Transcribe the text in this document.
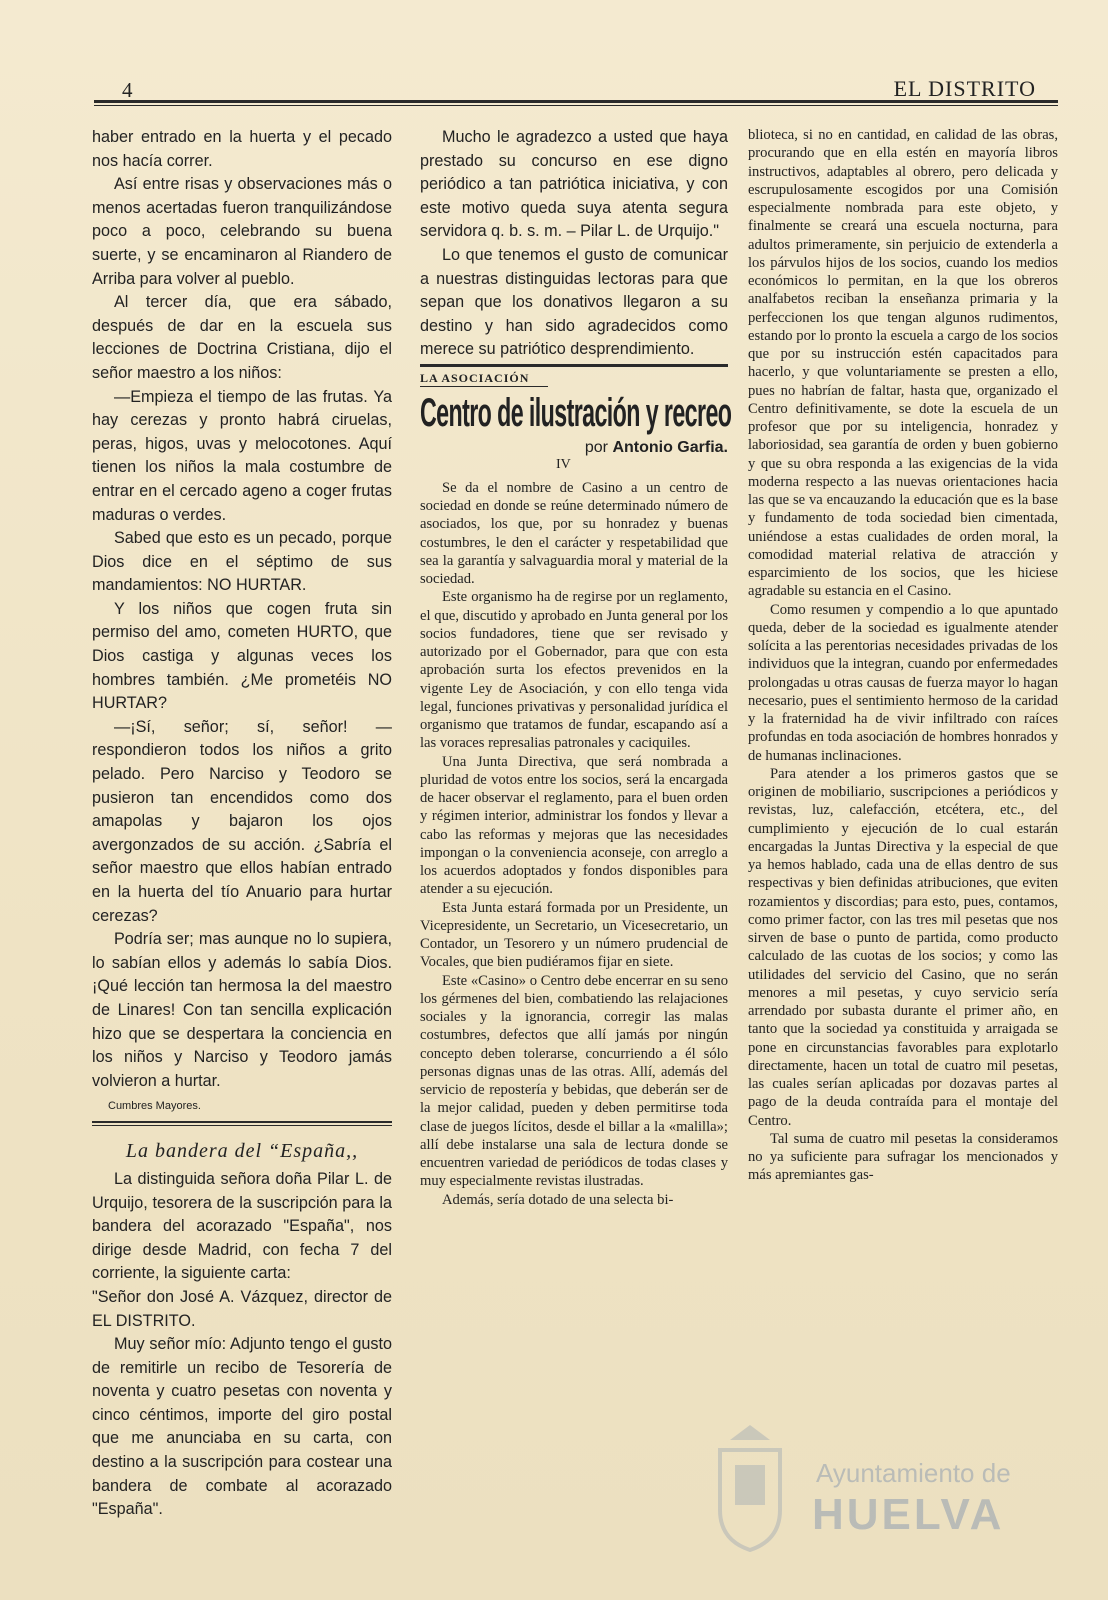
4	EL DISTRITO

haber entrado en la huerta y el pecado nos hacía correr.

Así entre risas y observaciones más o menos acertadas fueron tranquilizándose poco a poco, celebrando su buena suerte, y se encaminaron al Riandero de Arriba para volver al pueblo.

Al tercer día, que era sábado, después de dar en la escuela sus lecciones de Doctrina Cristiana, dijo el señor maestro a los niños:

—Empieza el tiempo de las frutas. Ya hay cerezas y pronto habrá ciruelas, peras, higos, uvas y melocotones. Aquí tienen los niños la mala costumbre de entrar en el cercado ageno a coger frutas maduras o verdes.

Sabed que esto es un pecado, porque Dios dice en el séptimo de sus mandamientos: NO HURTAR.

Y los niños que cogen fruta sin permiso del amo, cometen HURTO, que Dios castiga y algunas veces los hombres también. ¿Me prometéis NO HURTAR?

—¡Sí, señor; sí, señor! — respondieron todos los niños a grito pelado. Pero Narciso y Teodoro se pusieron tan encendidos como dos amapolas y bajaron los ojos avergonzados de su acción. ¿Sabría el señor maestro que ellos habían entrado en la huerta del tío Anuario para hurtar cerezas?

Podría ser; mas aunque no lo supiera, lo sabían ellos y además lo sabía Dios. ¡Qué lección tan hermosa la del maestro de Linares! Con tan sencilla explicación hizo que se despertara la conciencia en los niños y Narciso y Teodoro jamás volvieron a hurtar.

Cumbres Mayores.
La bandera del “España,,

La distinguida señora doña Pilar L. de Urquijo, tesorera de la suscripción para la bandera del acorazado "España", nos dirige desde Madrid, con fecha 7 del corriente, la siguiente carta:

"Señor don José A. Vázquez, director de EL DISTRITO.

Muy señor mío: Adjunto tengo el gusto de remitirle un recibo de Tesorería de noventa y cuatro pesetas con noventa y cinco céntimos, importe del giro postal que me anunciaba en su carta, con destino a la suscripción para costear una bandera de combate al acorazado "España".

Mucho le agradezco a usted que haya prestado su concurso en ese digno periódico a tan patriótica iniciativa, y con este motivo queda suya atenta segura servidora q. b. s. m. – Pilar L. de Urquijo."

Lo que tenemos el gusto de comunicar a nuestras distinguidas lectoras para que sepan que los donativos llegaron a su destino y han sido agradecidos como merece su patriótico desprendimiento.

LA ASOCIACIÓN
Centro de ilustración y recreo
por Antonio Garfia.
IV

Se da el nombre de Casino a un centro de sociedad en donde se reúne determinado número de asociados, los que, por su honradez y buenas costumbres, le den el carácter y respetabilidad que sea la garantía y salvaguardia moral y material de la sociedad.

Este organismo ha de regirse por un reglamento, el que, discutido y aprobado en Junta general por los socios fundadores, tiene que ser revisado y autorizado por el Gobernador, para que con esta aprobación surta los efectos prevenidos en la vigente Ley de Asociación, y con ello tenga vida legal, funciones privativas y personalidad jurídica el organismo que tratamos de fundar, escapando así a las voraces represalias patronales y caciquiles.

Una Junta Directiva, que será nombrada a pluridad de votos entre los socios, será la encargada de hacer observar el reglamento, para el buen orden y régimen interior, administrar los fondos y llevar a cabo las reformas y mejoras que las necesidades impongan o la conveniencia aconseje, con arreglo a los acuerdos adoptados y fondos disponibles para atender a su ejecución.

Esta Junta estará formada por un Presidente, un Vicepresidente, un Secretario, un Vicesecretario, un Contador, un Tesorero y un número prudencial de Vocales, que bien pudiéramos fijar en siete.

Este «Casino» o Centro debe encerrar en su seno los gérmenes del bien, combatiendo las relajaciones sociales y la ignorancia, corregir las malas costumbres, defectos que allí jamás por ningún concepto deben tolerarse, concurriendo a él sólo personas dignas unas de las otras. Allí, además del servicio de repostería y bebidas, que deberán ser de la mejor calidad, pueden y deben permitirse toda clase de juegos lícitos, desde el billar a la «malilla»; allí debe instalarse una sala de lectura donde se encuentren variedad de periódicos de todas clases y muy especialmente revistas ilustradas.

Además, sería dotado de una selecta bi-

blioteca, si no en cantidad, en calidad de las obras, procurando que en ella estén en mayoría libros instructivos, adaptables al obrero, pero delicada y escrupulosamente escogidos por una Comisión especialmente nombrada para este objeto, y finalmente se creará una escuela nocturna, para adultos primeramente, sin perjuicio de extenderla a los párvulos hijos de los socios, cuando los medios económicos lo permitan, en la que los obreros analfabetos reciban la enseñanza primaria y la perfeccionen los que tengan algunos rudimentos, estando por lo pronto la escuela a cargo de los socios que por su instrucción estén capacitados para hacerlo, y que voluntariamente se presten a ello, pues no habrían de faltar, hasta que, organizado el Centro definitivamente, se dote la escuela de un profesor que por su inteligencia, honradez y laboriosidad, sea garantía de orden y buen gobierno y que su obra responda a las exigencias de la vida moderna respecto a las nuevas orientaciones hacia las que se va encauzando la educación que es la base y fundamento de toda sociedad bien cimentada, uniéndose a estas cualidades de orden moral, la comodidad material relativa de atracción y esparcimiento de los socios, que les hiciese agradable su estancia en el Casino.

Como resumen y compendio a lo que apuntado queda, deber de la sociedad es igualmente atender solícita a las perentorias necesidades privadas de los individuos que la integran, cuando por enfermedades prolongadas u otras causas de fuerza mayor lo hagan necesario, pues el sentimiento hermoso de la caridad y la fraternidad ha de vivir infiltrado con raíces profundas en toda asociación de hombres honrados y de humanas inclinaciones.

Para atender a los primeros gastos que se originen de mobiliario, suscripciones a periódicos y revistas, luz, calefacción, etcétera, etc., del cumplimiento y ejecución de lo cual estarán encargadas la Juntas Directiva y la especial de que ya hemos hablado, cada una de ellas dentro de sus respectivas y bien definidas atribuciones, que eviten rozamientos y discordias; para esto, pues, contamos, como primer factor, con las tres mil pesetas que nos sirven de base o punto de partida, como producto calculado de las cuotas de los socios; y como las utilidades del servicio del Casino, que no serán menores a mil pesetas, y cuyo servicio sería arrendado por subasta durante el primer año, en tanto que la sociedad ya constituida y arraigada se pone en circunstancias favorables para explotarlo directamente, hacen un total de cuatro mil pesetas, las cuales serían aplicadas por dozavas partes al pago de la deuda contraída para el montaje del Centro.

Tal suma de cuatro mil pesetas la consideramos no ya suficiente para sufragar los mencionados y más apremiantes gas-

Ayuntamiento de
HUELVA
